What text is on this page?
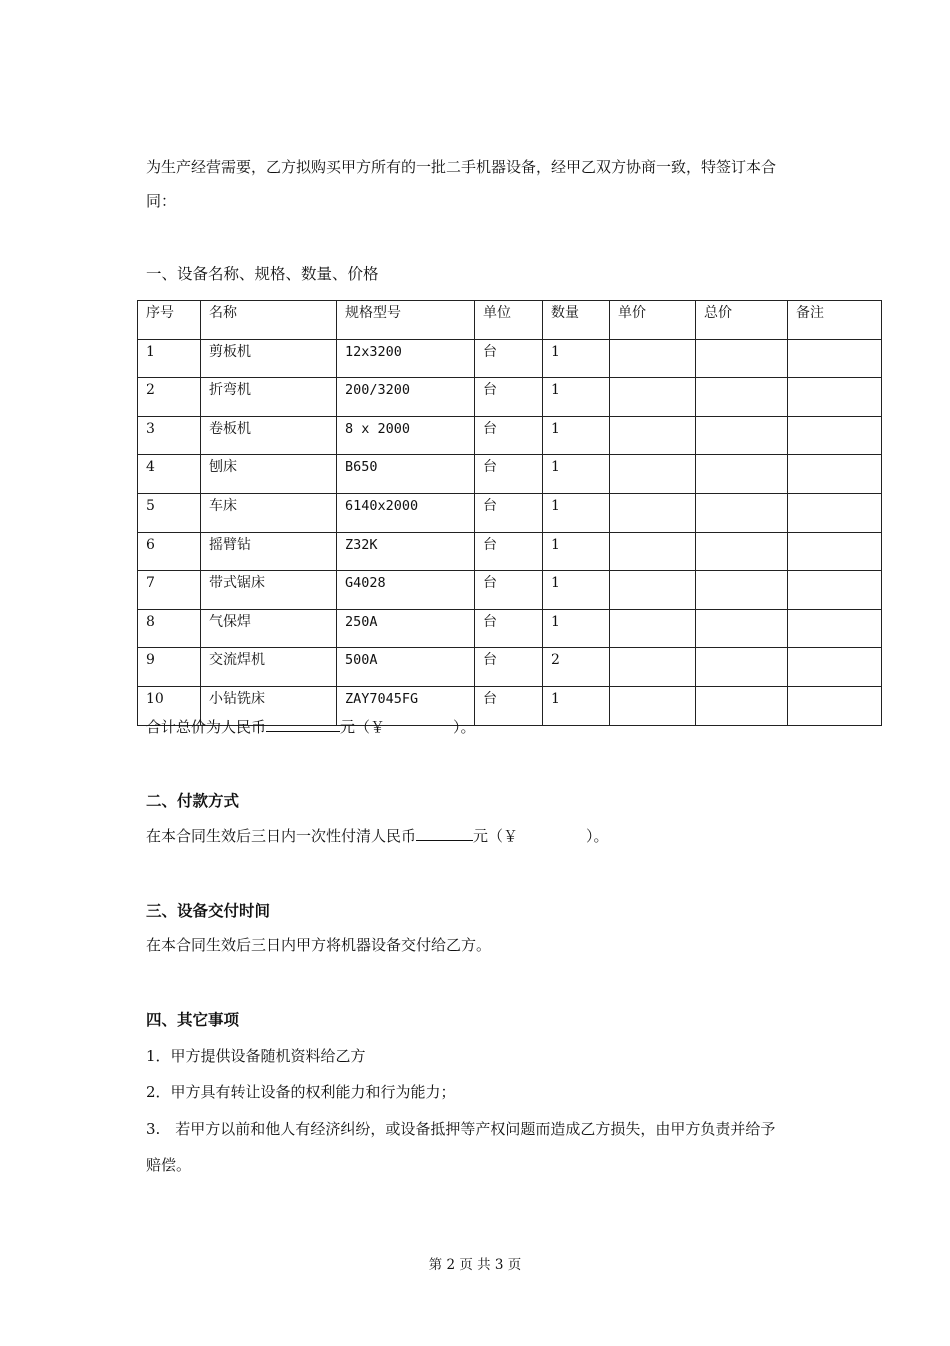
为生产经营需要，乙方拟购买甲方所有的一批二手机器设备，经甲乙双方协商一致，特签订本合
同：
一、设备名称、规格、数量、价格
序号	名称	规格型号	单位	数量	单价	总价	备注
1	剪板机	12x3200	台	1			
2	折弯机	200/3200	台	1			
3	卷板机	8 x 2000	台	1			
4	刨床	B650	台	1			
5	车床	6140x2000	台	1			
6	摇臂钻	Z32K	台	1			
7	带式锯床	G4028	台	1			
8	气保焊	250A	台	1			
9	交流焊机	500A	台	2			
10	小钻铣床	ZAY7045FG	台	1			
合计总价为人民币	元（￥	）。
二、付款方式
在本合同生效后三日内一次性付清人民币	元（￥	）。
三、设备交付时间
在本合同生效后三日内甲方将机器设备交付给乙方。
四、其它事项
1．甲方提供设备随机资料给乙方
2．甲方具有转让设备的权利能力和行为能力；
3.　若甲方以前和他人有经济纠纷，或设备抵押等产权问题而造成乙方损失，由甲方负责并给予
赔偿。
第 2 页 共 3 页
